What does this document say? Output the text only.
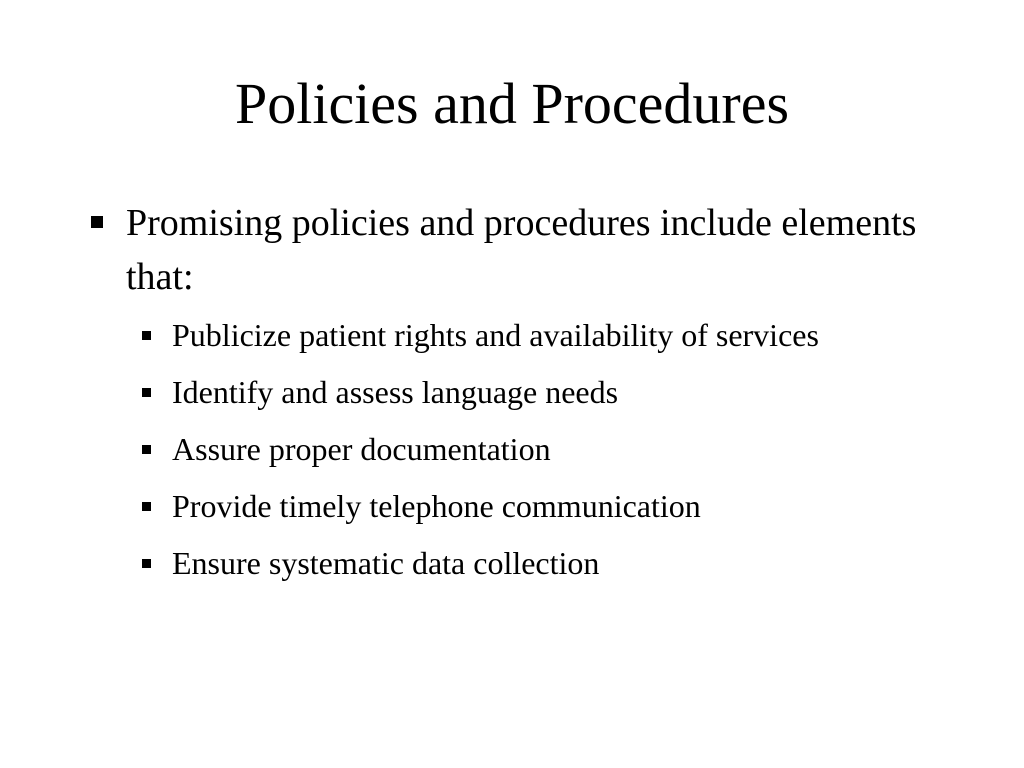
Policies and Procedures
Promising policies and procedures include elements that:
Publicize patient rights and availability of services
Identify and assess language needs
Assure proper documentation
Provide timely telephone communication
Ensure systematic data collection
